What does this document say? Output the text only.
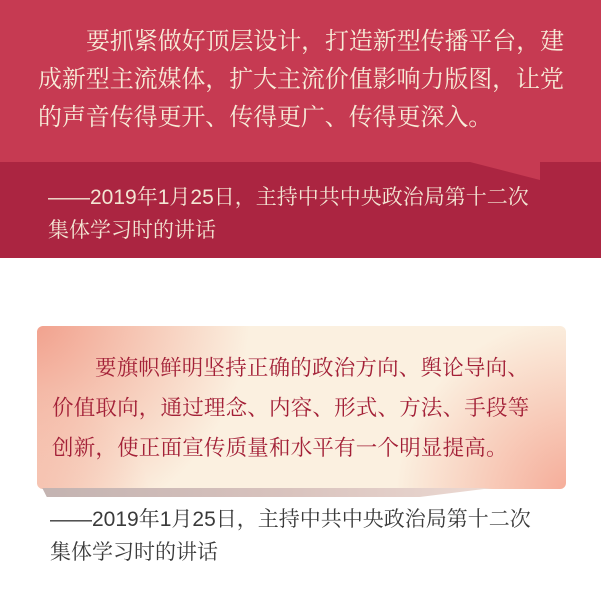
要抓紧做好顶层设计，打造新型传播平台，建
成新型主流媒体，扩大主流价值影响力版图，让党
的声音传得更开、传得更广、传得更深入。
——2019年1月25日，主持中共中央政治局第十二次
集体学习时的讲话
要旗帜鲜明坚持正确的政治方向、舆论导向、
价值取向，通过理念、内容、形式、方法、手段等
创新，使正面宣传质量和水平有一个明显提高。
——2019年1月25日，主持中共中央政治局第十二次
集体学习时的讲话
